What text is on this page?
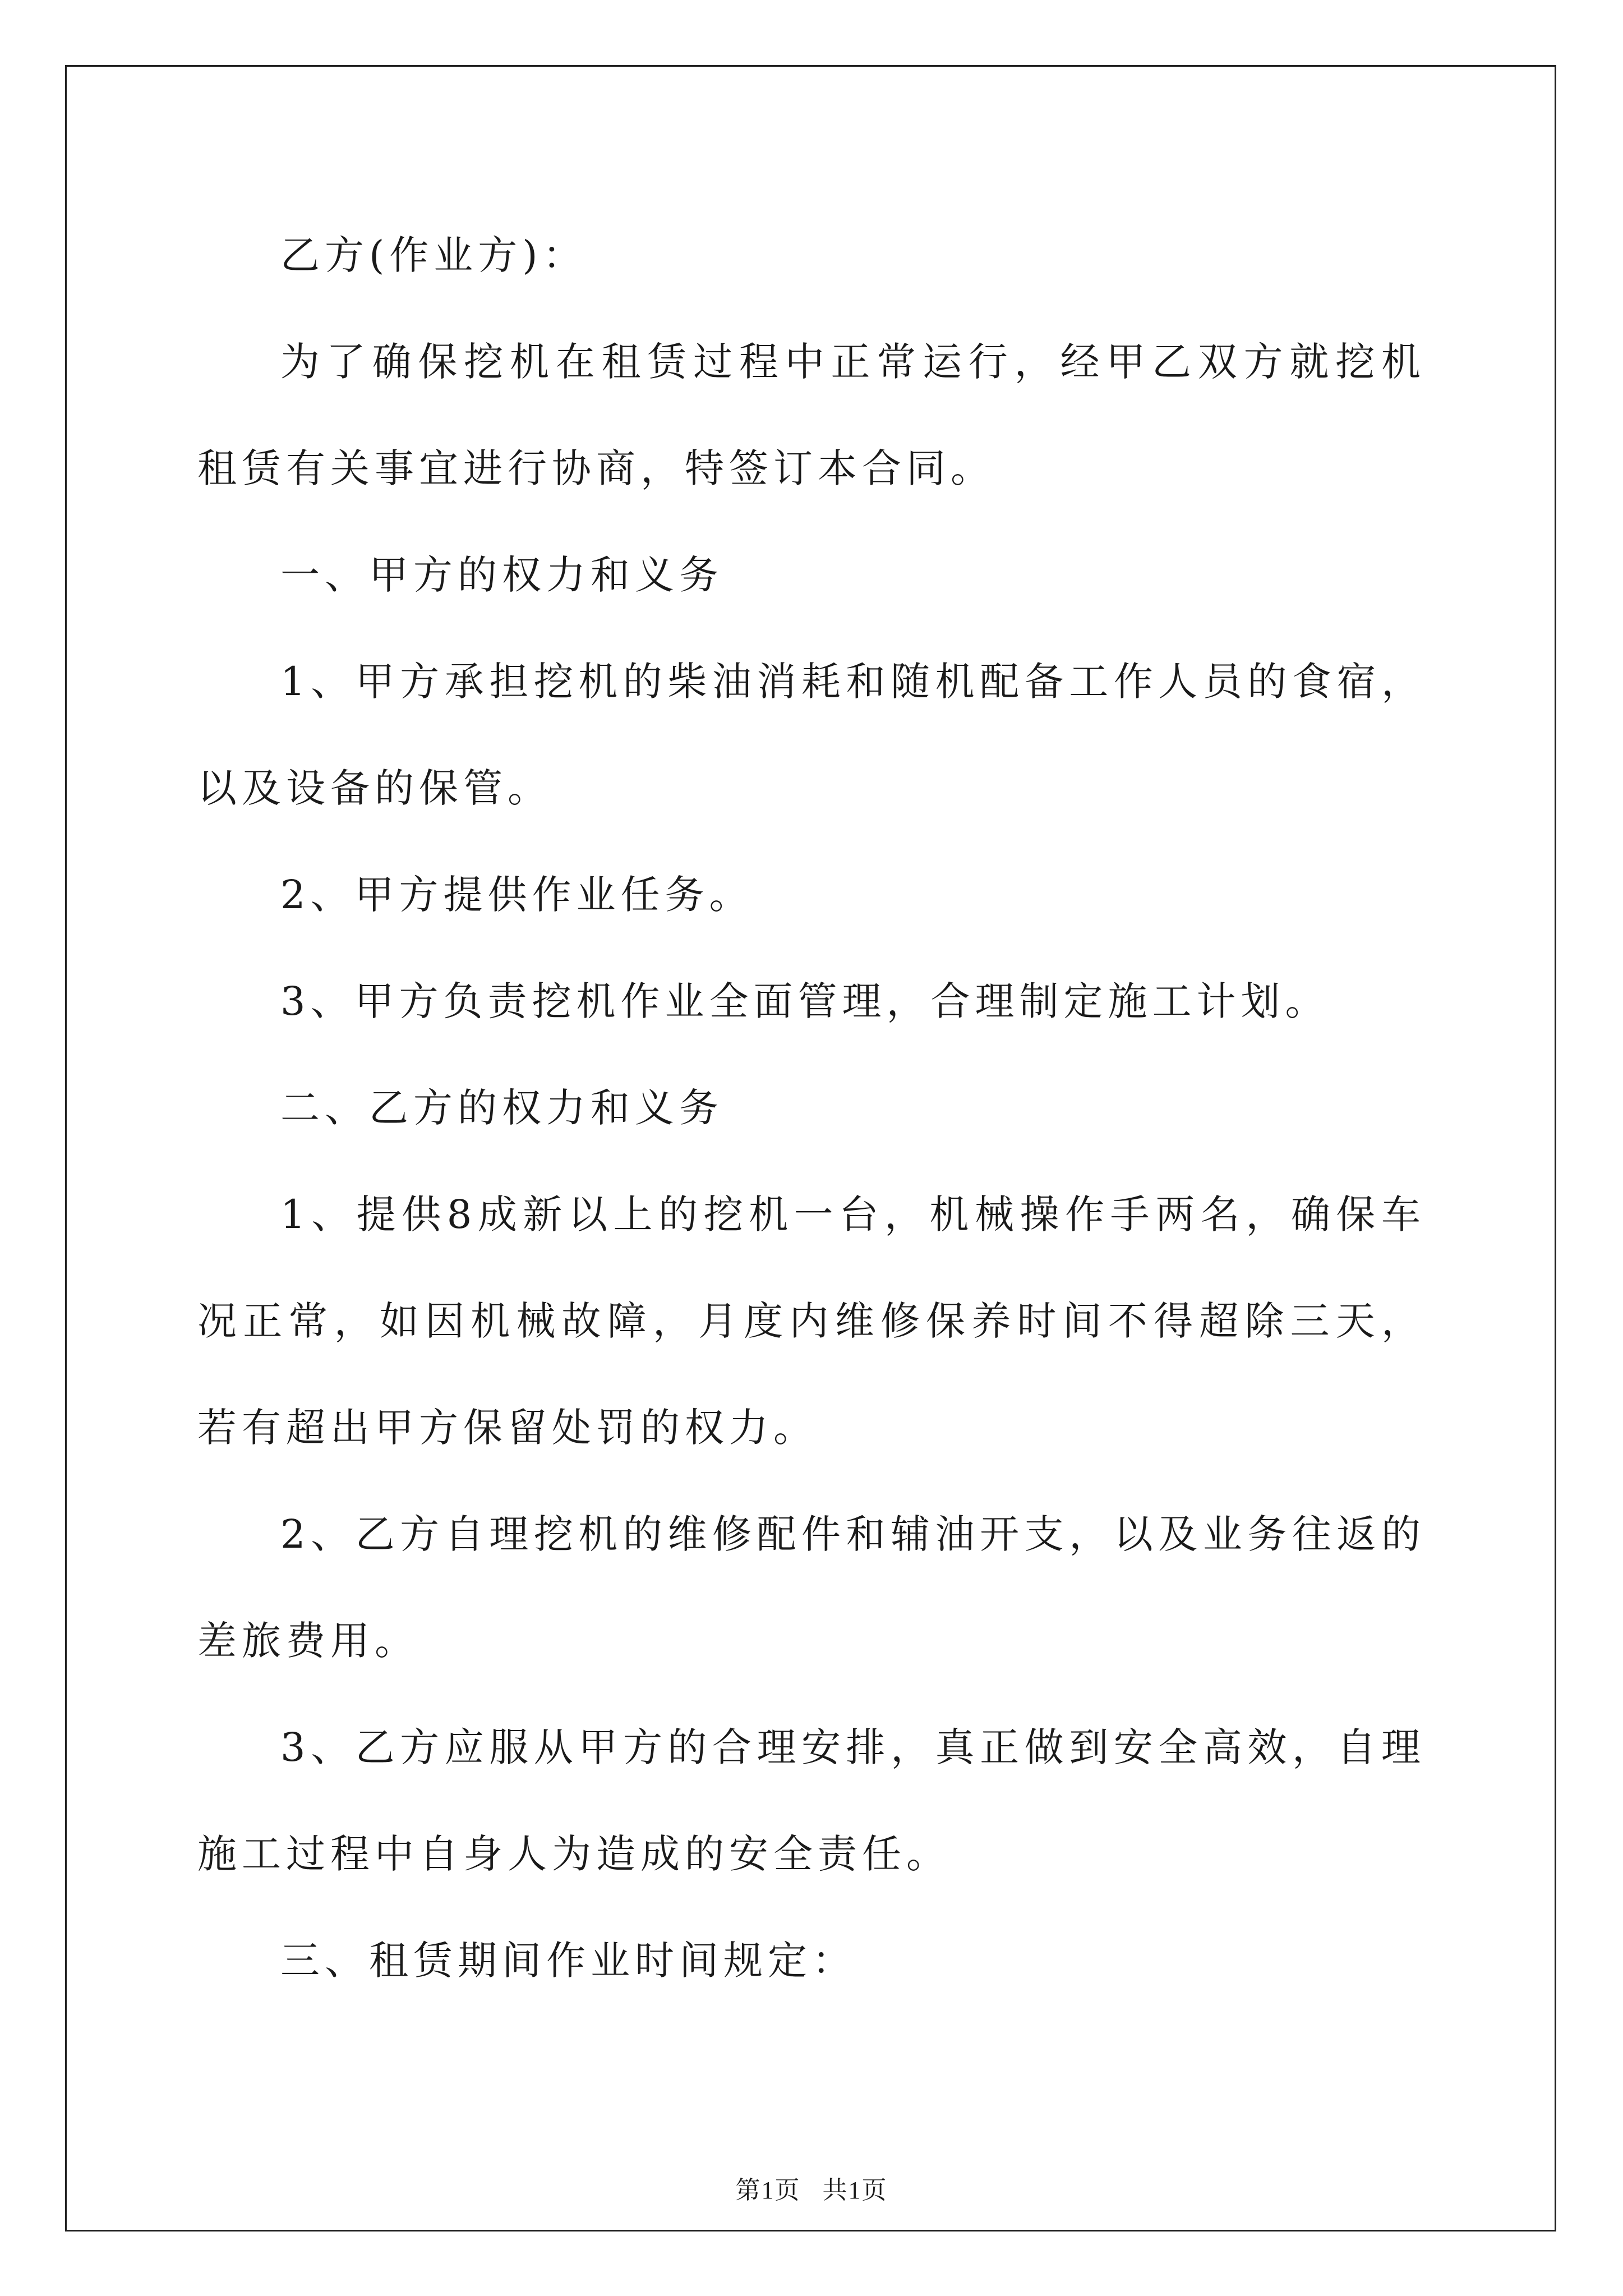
乙方(作业方)：

为了确保挖机在租赁过程中正常运行，经甲乙双方就挖机租赁有关事宜进行协商，特签订本合同。

一、甲方的权力和义务

1、甲方承担挖机的柴油消耗和随机配备工作人员的食宿，以及设备的保管。

2、甲方提供作业任务。

3、甲方负责挖机作业全面管理，合理制定施工计划。

二、乙方的权力和义务

1、提供8成新以上的挖机一台，机械操作手两名，确保车况正常，如因机械故障，月度内维修保养时间不得超除三天，若有超出甲方保留处罚的权力。

2、乙方自理挖机的维修配件和辅油开支，以及业务往返的差旅费用。

3、乙方应服从甲方的合理安排，真正做到安全高效，自理施工过程中自身人为造成的安全责任。

三、租赁期间作业时间规定：

第1页   共1页
